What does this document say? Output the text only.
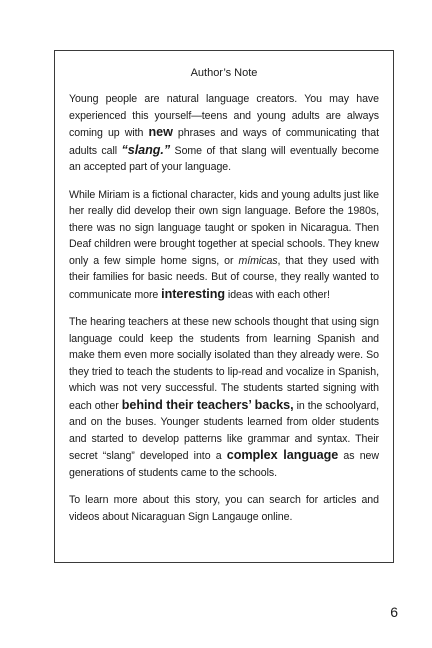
Author’s Note

Young people are natural language creators. You may have experienced this yourself—teens and young adults are always coming up with new phrases and ways of communicating that adults call “slang.” Some of that slang will eventually become an accepted part of your language.

While Miriam is a fictional character, kids and young adults just like her really did develop their own sign language. Before the 1980s, there was no sign language taught or spoken in Nicaragua. Then Deaf children were brought together at special schools. They knew only a few simple home signs, or mímicas, that they used with their families for basic needs. But of course, they really wanted to communicate more interesting ideas with each other!

The hearing teachers at these new schools thought that using sign language could keep the students from learning Spanish and make them even more socially isolated than they already were. So they tried to teach the students to lip-read and vocalize in Spanish, which was not very successful. The students started signing with each other behind their teachers’ backs, in the schoolyard, and on the buses. Younger students learned from older students and started to develop patterns like grammar and syntax. Their secret “slang” developed into a complex language as new generations of students came to the schools.

To learn more about this story, you can search for articles and videos about Nicaraguan Sign Langauge online.

6
